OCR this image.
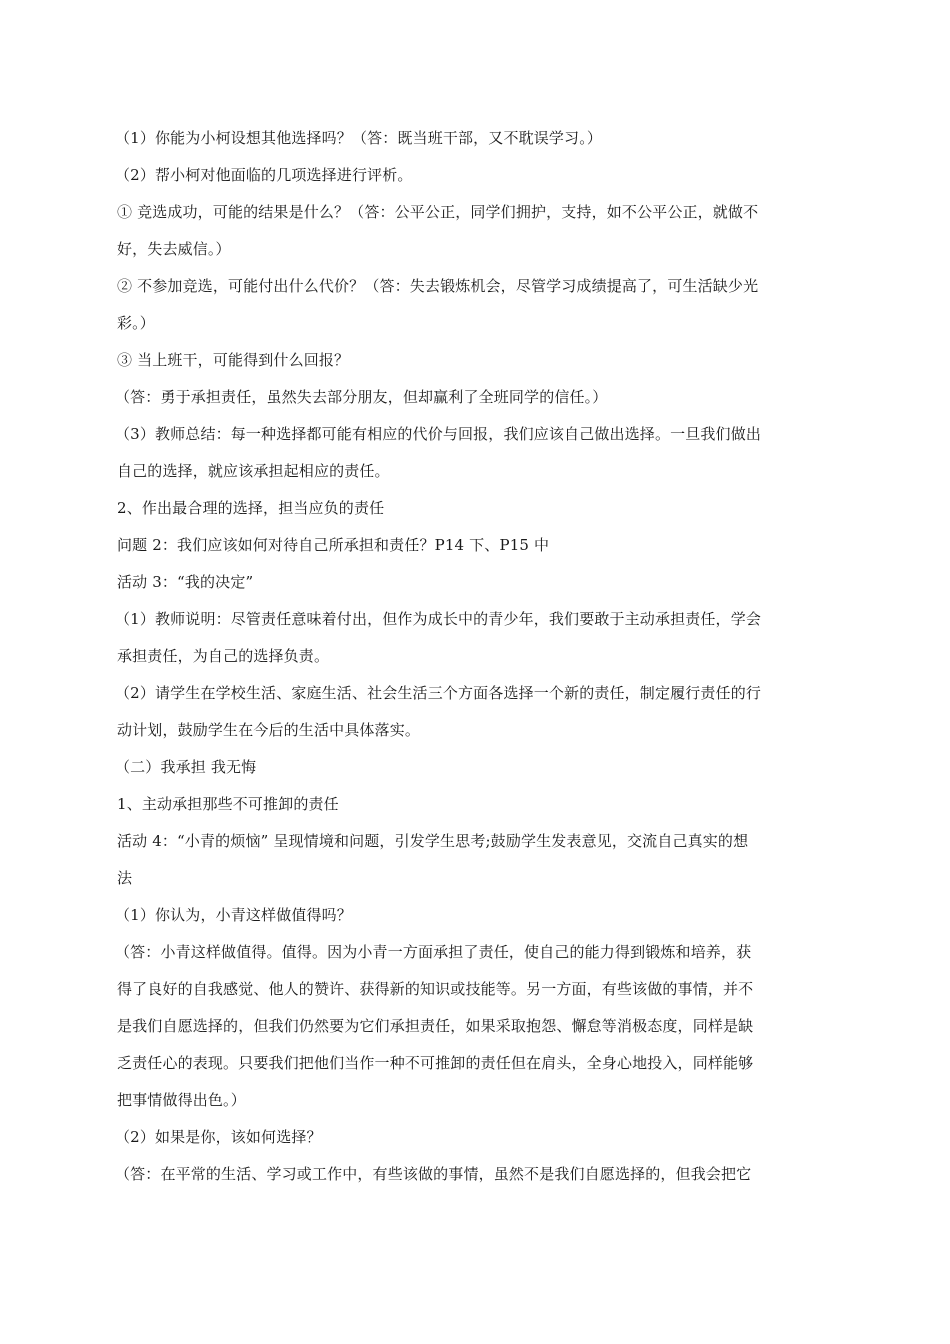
（1）你能为小柯设想其他选择吗？（答：既当班干部，又不耽误学习。）
（2）帮小柯对他面临的几项选择进行评析。
① 竞选成功，可能的结果是什么？（答：公平公正，同学们拥护，支持，如不公平公正，就做不
好，失去威信。）
② 不参加竞选，可能付出什么代价？（答：失去锻炼机会，尽管学习成绩提高了，可生活缺少光
彩。）
③ 当上班干，可能得到什么回报？
（答：勇于承担责任，虽然失去部分朋友，但却赢利了全班同学的信任。）
（3）教师总结：每一种选择都可能有相应的代价与回报，我们应该自己做出选择。一旦我们做出
自己的选择，就应该承担起相应的责任。
2、作出最合理的选择，担当应负的责任
问题 2：我们应该如何对待自己所承担和责任？P14 下、P15 中
活动 3：“我的决定”
（1）教师说明：尽管责任意味着付出，但作为成长中的青少年，我们要敢于主动承担责任，学会
承担责任，为自己的选择负责。
（2）请学生在学校生活、家庭生活、社会生活三个方面各选择一个新的责任，制定履行责任的行
动计划，鼓励学生在今后的生活中具体落实。
（二）我承担 我无悔
1、主动承担那些不可推卸的责任
活动 4：“小青的烦恼” 呈现情境和问题，引发学生思考;鼓励学生发表意见，交流自己真实的想
法
（1）你认为，小青这样做值得吗？
（答：小青这样做值得。值得。因为小青一方面承担了责任，使自己的能力得到锻炼和培养，获
得了良好的自我感觉、他人的赞许、获得新的知识或技能等。另一方面，有些该做的事情，并不
是我们自愿选择的，但我们仍然要为它们承担责任，如果采取抱怨、懈怠等消极态度，同样是缺
乏责任心的表现。只要我们把他们当作一种不可推卸的责任但在肩头，全身心地投入，同样能够
把事情做得出色。）
（2）如果是你，该如何选择？
（答：在平常的生活、学习或工作中，有些该做的事情，虽然不是我们自愿选择的，但我会把它
